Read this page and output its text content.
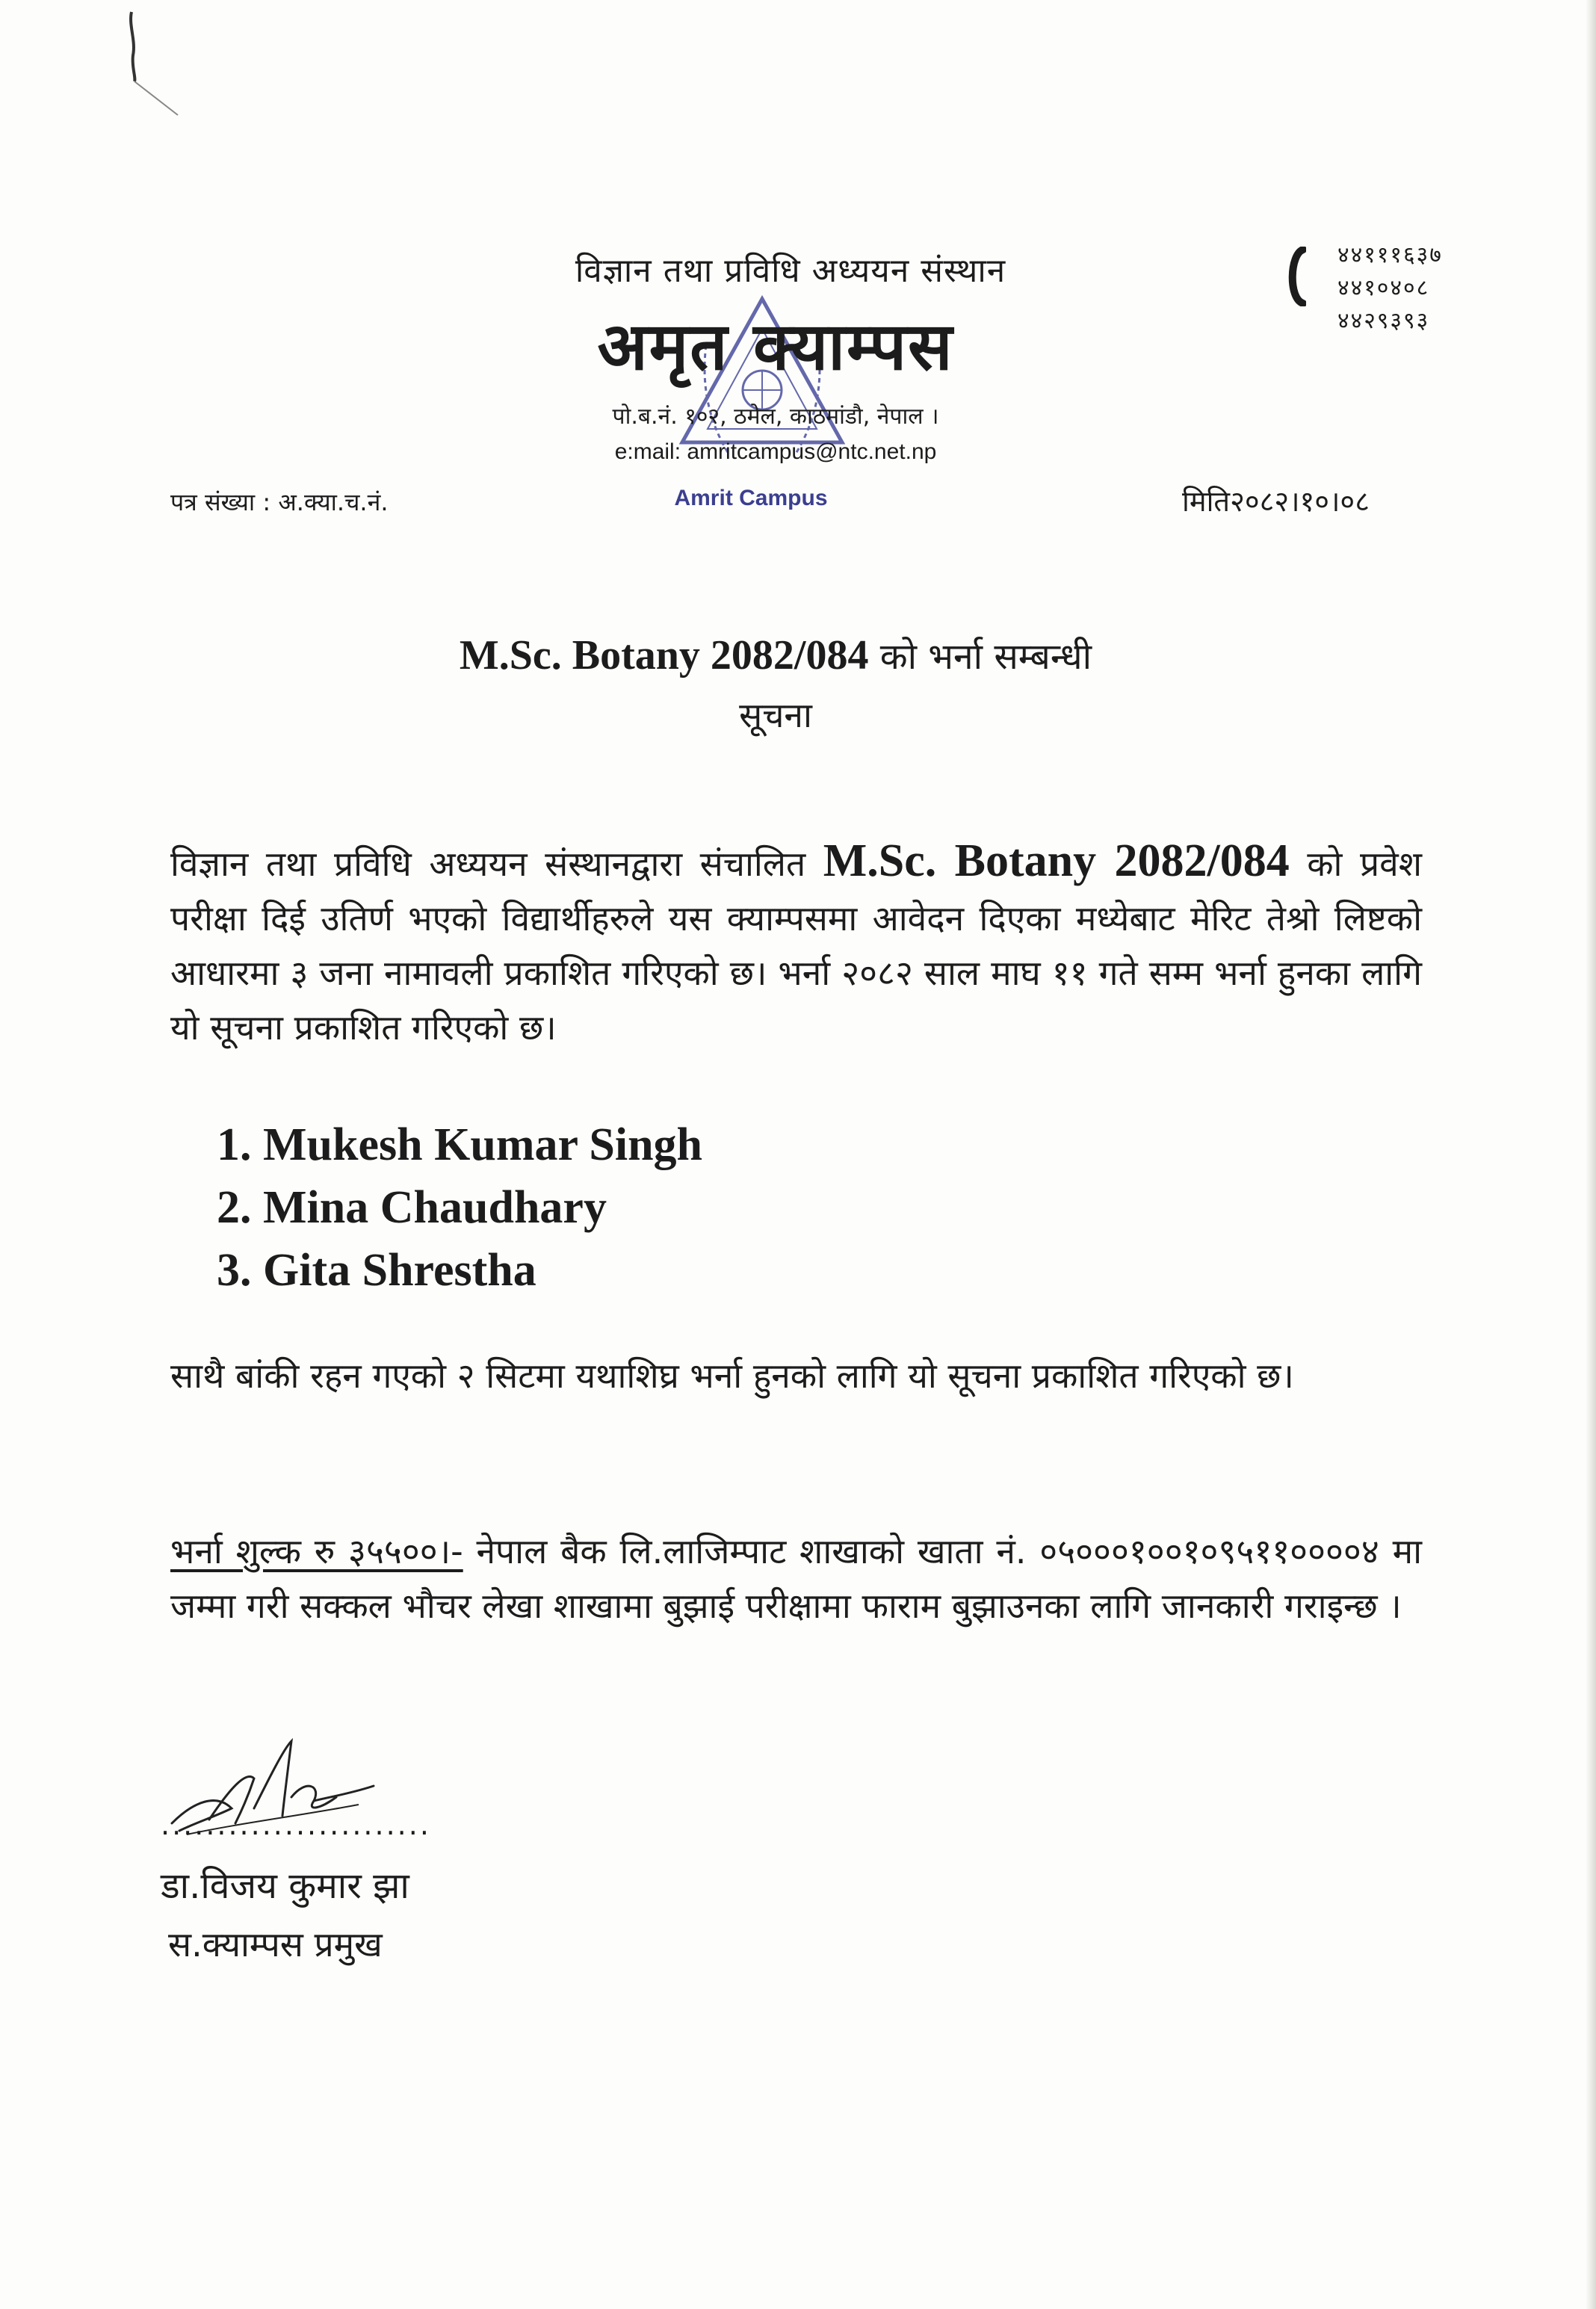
विज्ञान तथा प्रविधि अध्ययन संस्थान
अमृत क्याम्पस
पो.ब.नं. १०२, ठमेल, काठमांडौ, नेपाल ।
e:mail: amritcampus@ntc.net.np
Amrit Campus
४४१११६३७
४४१०४०८
४४२९३९३
पत्र संख्या : अ.क्या.च.नं.	मिति२०८२।१०।०८
M.Sc. Botany 2082/084 को भर्ना सम्बन्धी
सूचना
विज्ञान तथा प्रविधि अध्ययन संस्थानद्वारा संचालित M.Sc. Botany 2082/084 को प्रवेश परीक्षा दिई उतिर्ण भएको विद्यार्थीहरुले यस क्याम्पसमा आवेदन दिएका मध्येबाट मेरिट तेश्रो लिष्टको आधारमा ३ जना नामावली प्रकाशित गरिएको छ। भर्ना २०८२ साल माघ ११ गते सम्म भर्ना हुनका लागि यो सूचना प्रकाशित गरिएको छ।
1. Mukesh Kumar Singh
2. Mina Chaudhary
3. Gita Shrestha
साथै बांकी रहन गएको २ सिटमा यथाशिघ्र भर्ना हुनको लागि यो सूचना प्रकाशित गरिएको छ।
भर्ना शुल्क रु ३५५००।- नेपाल बैक लि.लाजिम्पाट शाखाको खाता नं. ०५०००१००१०९५११००००४ मा जम्मा गरी सक्कल भौचर लेखा शाखामा बुझाई परीक्षामा फाराम बुझाउनका लागि जानकारी गराइन्छ ।
........................
डा.विजय कुमार झा
स.क्याम्पस प्रमुख
